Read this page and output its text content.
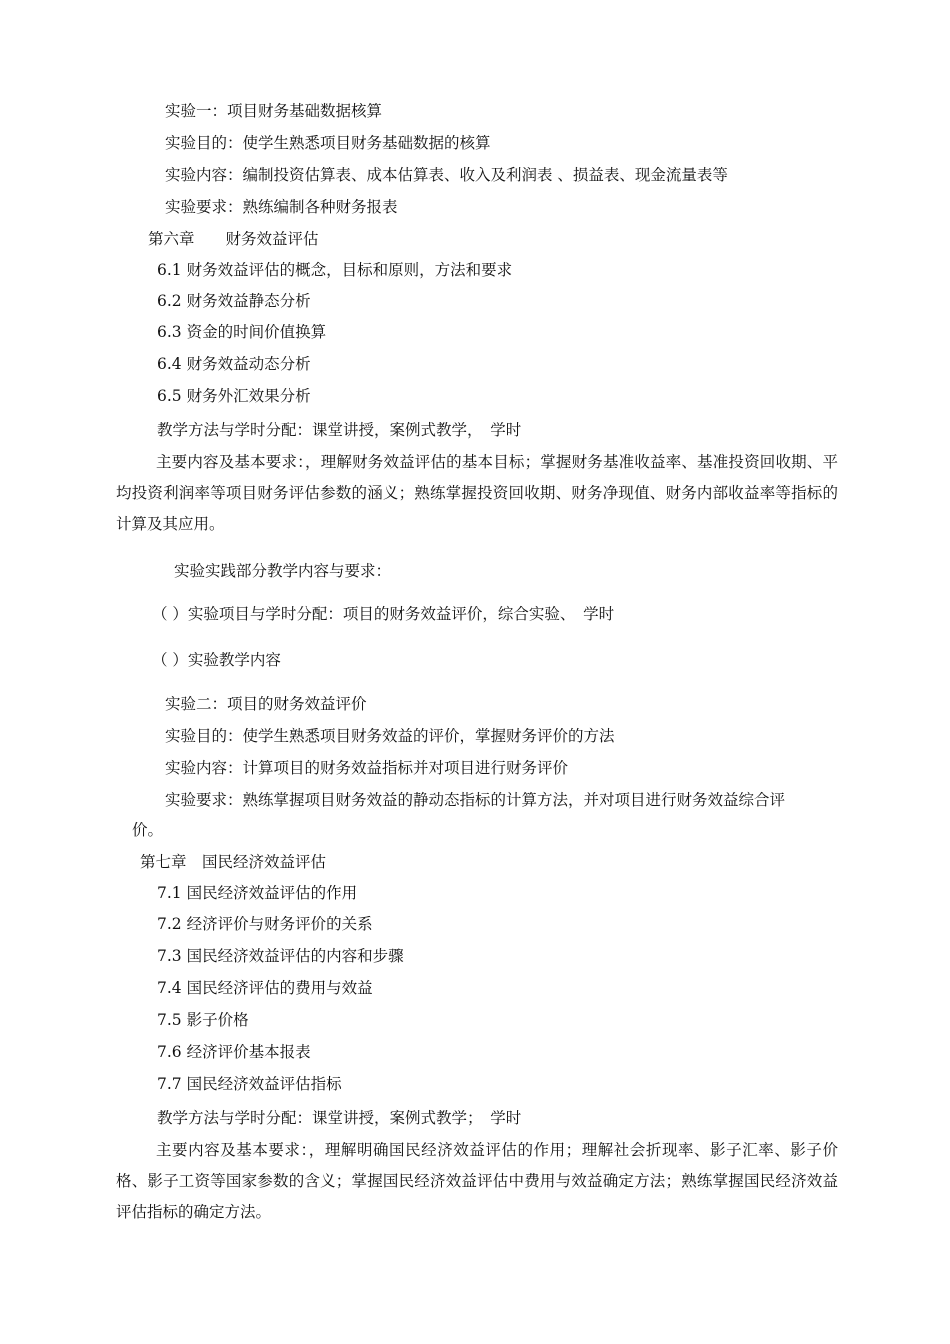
实验一：项目财务基础数据核算
实验目的：使学生熟悉项目财务基础数据的核算
实验内容：编制投资估算表、成本估算表、收入及利润表 、损益表、现金流量表等
实验要求：熟练编制各种财务报表
第六章　　财务效益评估
6.1 财务效益评估的概念，目标和原则，方法和要求
6.2 财务效益静态分析
6.3 资金的时间价值换算
6.4 财务效益动态分析
6.5 财务外汇效果分析
教学方法与学时分配：课堂讲授，案例式教学，　学时
主要内容及基本要求：，理解财务效益评估的基本目标；掌握财务基准收益率、基准投资回收期、平均投资利润率等项目财务评估参数的涵义；熟练掌握投资回收期、财务净现值、财务内部收益率等指标的计算及其应用。
实验实践部分教学内容与要求：
（ ）实验项目与学时分配：项目的财务效益评价，综合实验、　学时
（ ）实验教学内容
实验二：项目的财务效益评价
实验目的：使学生熟悉项目财务效益的评价，掌握财务评价的方法
实验内容：计算项目的财务效益指标并对项目进行财务评价
实验要求：熟练掌握项目财务效益的静动态指标的计算方法，并对项目进行财务效益综合评
价。
第七章　国民经济效益评估
7.1 国民经济效益评估的作用
7.2 经济评价与财务评价的关系
7.3 国民经济效益评估的内容和步骤
7.4 国民经济评估的费用与效益
7.5 影子价格
7.6 经济评价基本报表
7.7 国民经济效益评估指标
教学方法与学时分配：课堂讲授，案例式教学；　学时
主要内容及基本要求：，理解明确国民经济效益评估的作用；理解社会折现率、影子汇率、影子价格、影子工资等国家参数的含义；掌握国民经济效益评估中费用与效益确定方法；熟练掌握国民经济效益评估指标的确定方法。
